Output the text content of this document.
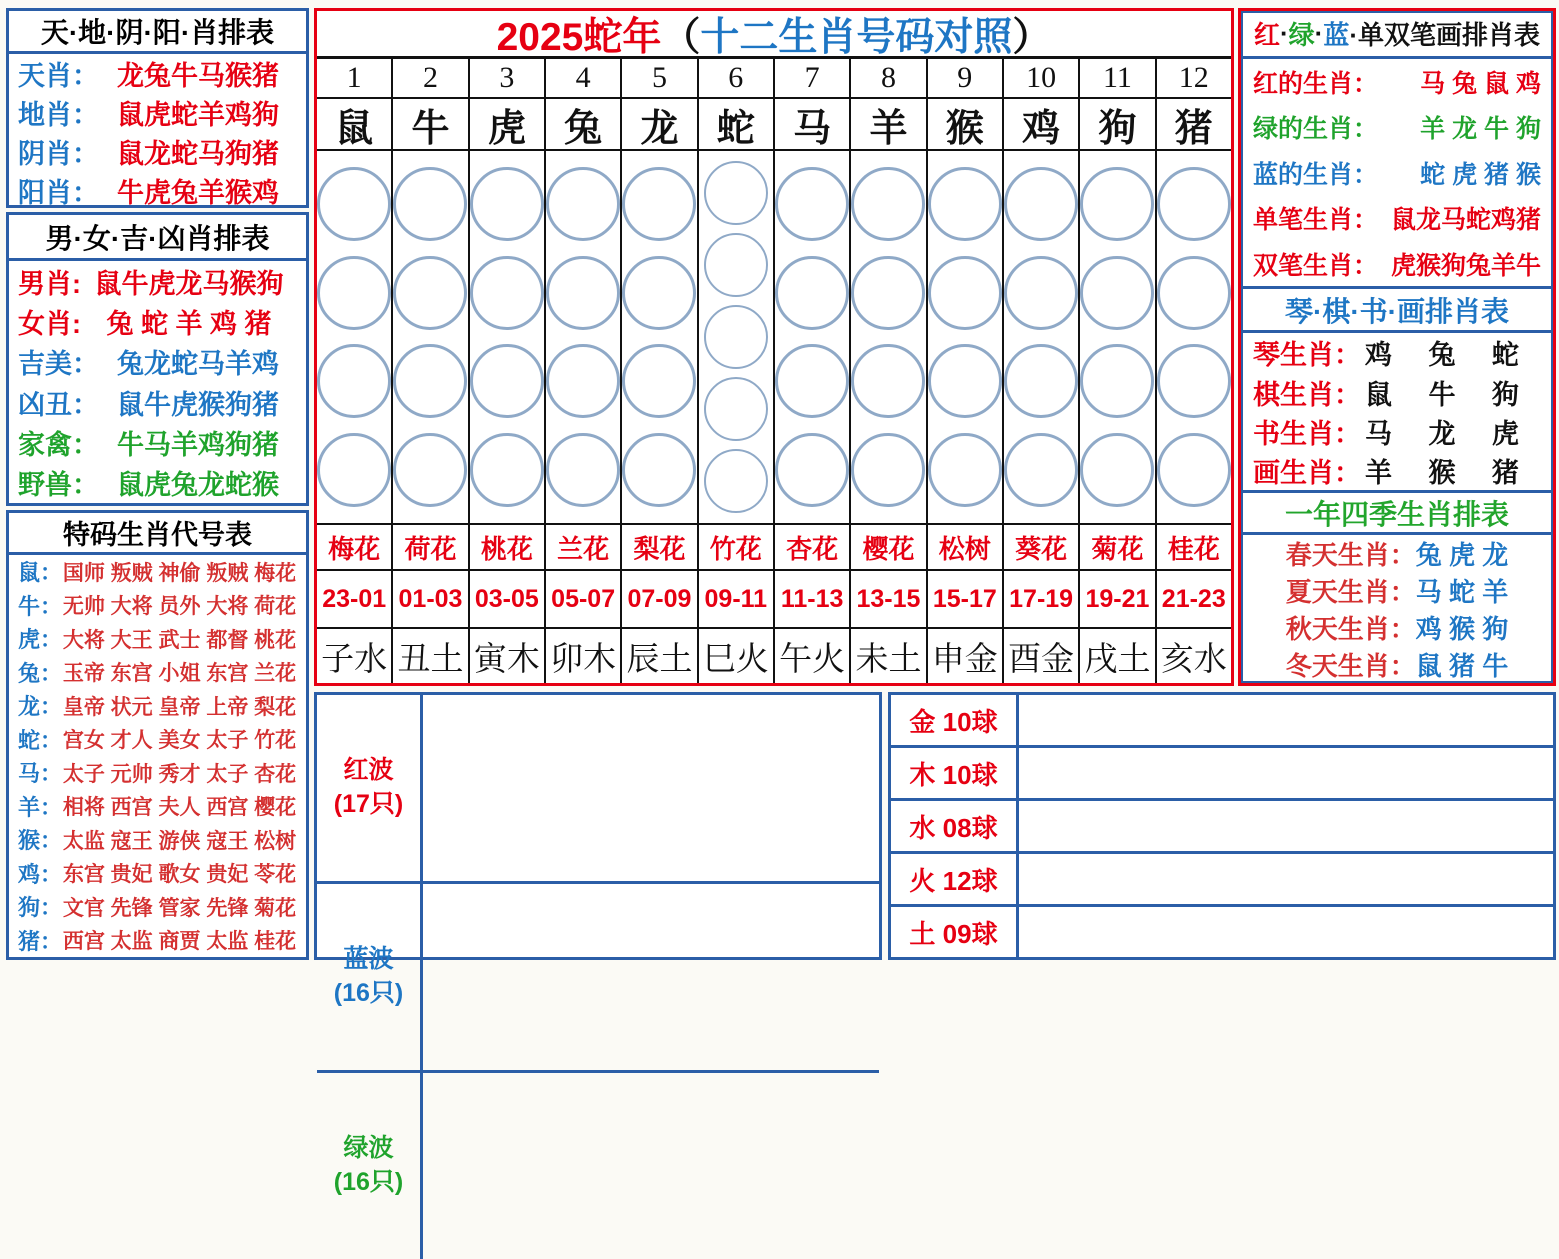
天·地·阴·阳·肖排表
天肖： 龙兔牛马猴猪
地肖： 鼠虎蛇羊鸡狗
阴肖： 鼠龙蛇马狗猪
阳肖： 牛虎兔羊猴鸡
男·女·吉·凶肖排表
男肖: 鼠牛虎龙马猴狗
女肖: 兔 蛇 羊 鸡 猪
吉美： 兔龙蛇马羊鸡
凶丑： 鼠牛虎猴狗猪
家禽： 牛马羊鸡狗猪
野兽： 鼠虎兔龙蛇猴
特码生肖代号表
鼠： 国师 叛贼 神偷 叛贼 梅花
牛： 无帅 大将 员外 大将 荷花
虎： 大将 大王 武士 都督 桃花
兔： 玉帝 东宫 小姐 东宫 兰花
龙： 皇帝 状元 皇帝 上帝 梨花
蛇： 宫女 才人 美女 太子 竹花
马： 太子 元帅 秀才 太子 杏花
羊： 相将 西宫 夫人 西宫 樱花
猴： 太监 寇王 游侠 寇王 松树
鸡： 东宫 贵妃 歌女 贵妃 苓花
狗： 文官 先锋 管家 先锋 菊花
猪： 西宫 太监 商贾 太监 桂花
2025蛇年 （ 十二生肖号码对照 ）
1
鼠
梅花
23-01
子水
2
牛
荷花
01-03
丑土
3
虎
桃花
03-05
寅木
4
兔
兰花
05-07
卯木
5
龙
梨花
07-09
辰土
6
蛇
竹花
09-11
巳火
7
马
杏花
11-13
午火
8
羊
樱花
13-15
未土
9
猴
松树
15-17
申金
10
鸡
葵花
17-19
酉金
11
狗
菊花
19-21
戌土
12
猪
桂花
21-23
亥水
红波
(17只)

蓝波
(16只)

绿波
(16只)

金 10球
木 10球
水 08球
火 12球
土 09球
红 · 绿 · 蓝 ·单双笔画排肖表
红的生肖： 马 兔 鼠 鸡
绿的生肖： 羊 龙 牛 狗
蓝的生肖： 蛇 虎 猪 猴
单笔生肖： 鼠龙马蛇鸡猪
双笔生肖： 虎猴狗兔羊牛
琴·棋·书·画排肖表
琴生肖： 鸡兔蛇
棋生肖： 鼠牛狗
书生肖： 马龙虎
画生肖： 羊猴猪
一年四季生肖排表
春天生肖： 兔 虎 龙
夏天生肖： 马 蛇 羊
秋天生肖： 鸡 猴 狗
冬天生肖： 鼠 猪 牛
